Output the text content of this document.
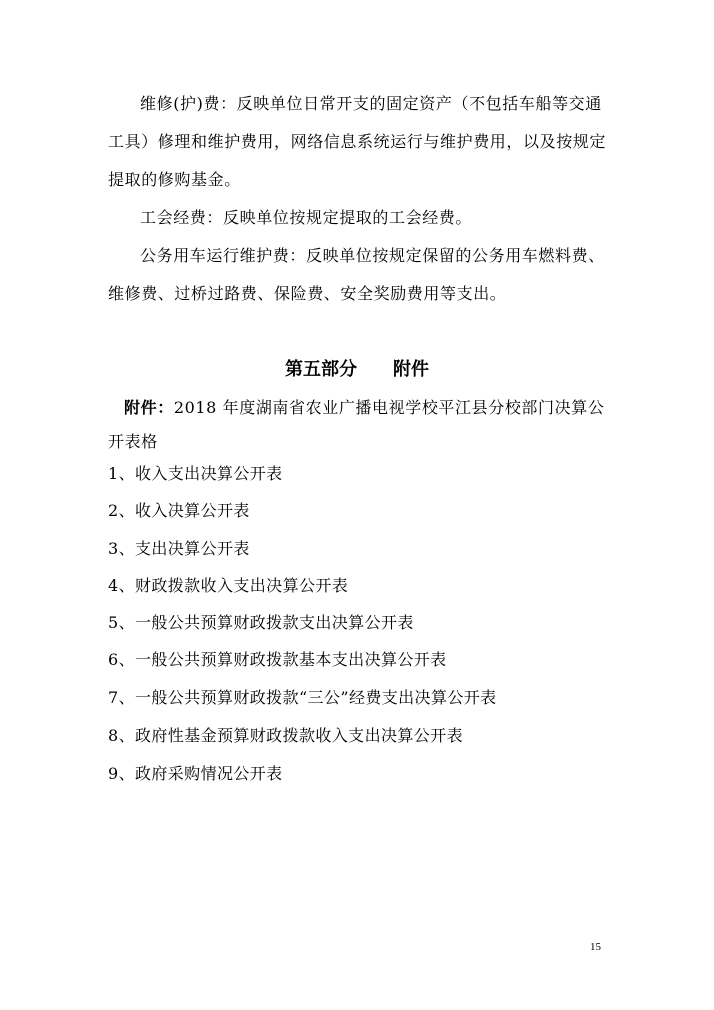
维修(护)费：反映单位日常开支的固定资产（不包括车船等交通
工具）修理和维护费用，网络信息系统运行与维护费用，以及按规定
提取的修购基金。
工会经费：反映单位按规定提取的工会经费。
公务用车运行维护费：反映单位按规定保留的公务用车燃料费、
维修费、过桥过路费、保险费、安全奖励费用等支出。
第五部分　　附件
附件：2018 年度湖南省农业广播电视学校平江县分校部门决算公
开表格
1、收入支出决算公开表
2、收入决算公开表
3、支出决算公开表
4、财政拨款收入支出决算公开表
5、一般公共预算财政拨款支出决算公开表
6、一般公共预算财政拨款基本支出决算公开表
7、一般公共预算财政拨款“三公”经费支出决算公开表
8、政府性基金预算财政拨款收入支出决算公开表
9、政府采购情况公开表
15
